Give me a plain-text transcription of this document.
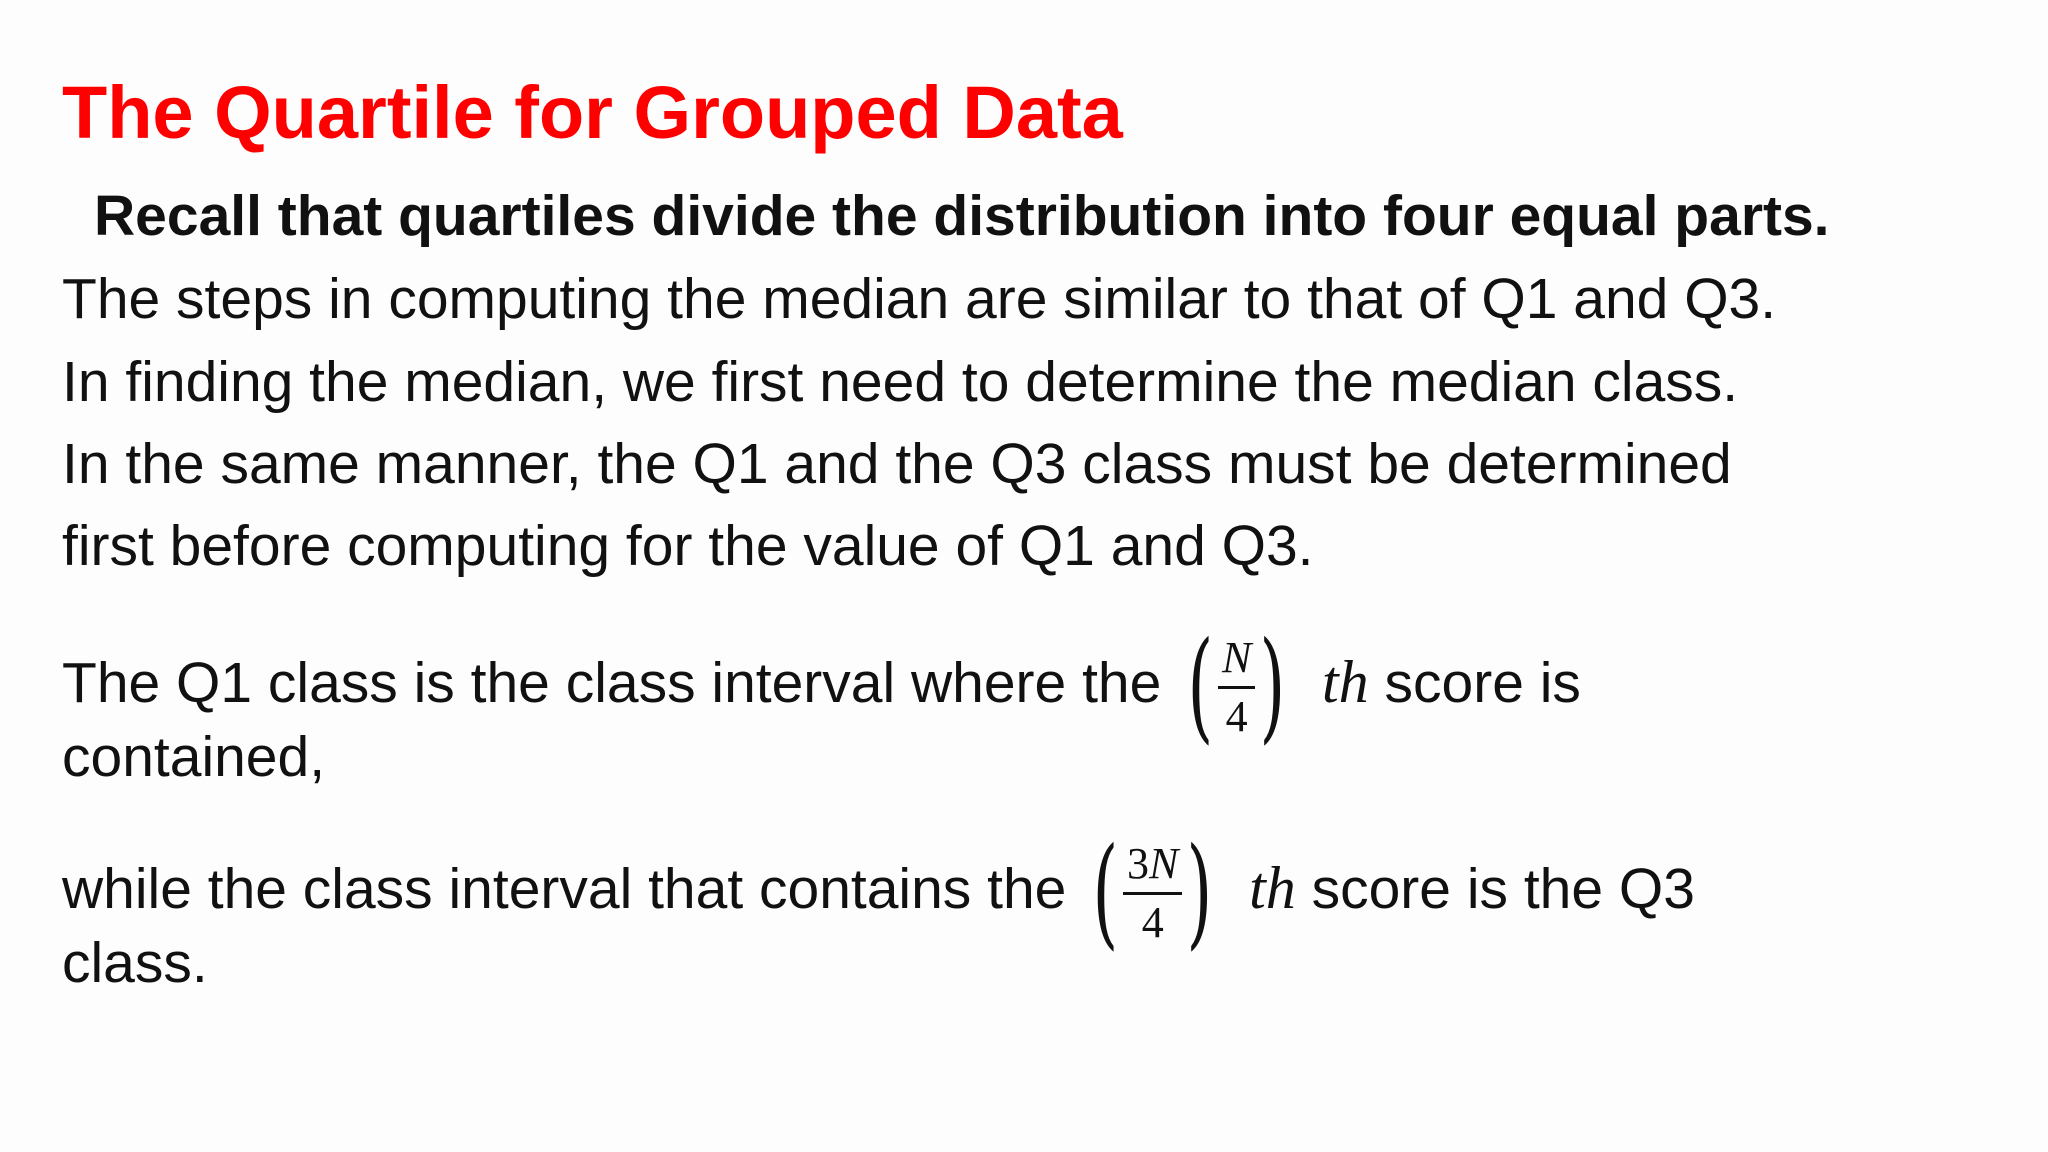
The Quartile for Grouped Data
Recall that quartiles divide the distribution into four equal parts.
The steps in computing the median are similar to that of Q1 and Q3.
In finding the median, we first need to determine the median class.
In the same manner, the Q1 and the Q3 class must be determined
first before computing for the value of Q1 and Q3.
The Q1 class is the class interval where the ( $\frac{N}{4}$ ) th score is
contained,
while the class interval that contains the ( $\frac{3N}{4}$ ) th score is the Q3
class.
